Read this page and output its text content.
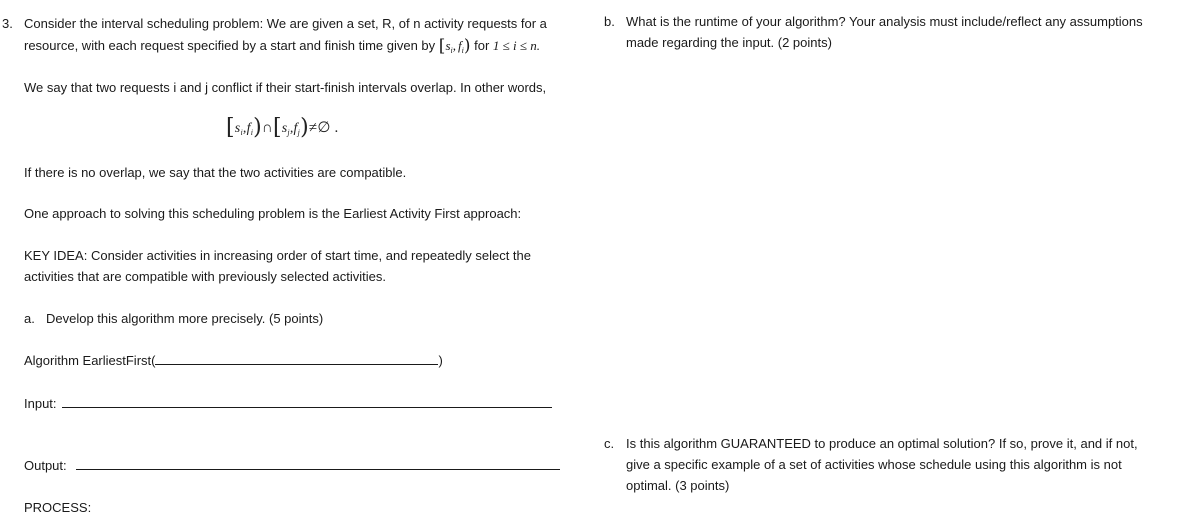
3. Consider the interval scheduling problem: We are given a set, R, of n activity requests for a
resource, with each request specified by a start and finish time given by [$s_i$, $f_i$) for 1 ≤ i ≤ n.
We say that two requests i and j conflict if their start-finish intervals overlap. In other words,
$[s_i,f_i)\cap[s_j,f_j)\ne\emptyset$ .
If there is no overlap, we say that the two activities are compatible.
One approach to solving this scheduling problem is the Earliest Activity First approach:
KEY IDEA: Consider activities in increasing order of start time, and repeatedly select the
activities that are compatible with previously selected activities.
a. Develop this algorithm more precisely. (5 points)
Algorithm EarliestFirst(	)
Input:
Output:
PROCESS:
b. What is the runtime of your algorithm? Your analysis must include/reflect any assumptions
made regarding the input. (2 points)
c. Is this algorithm GUARANTEED to produce an optimal solution? If so, prove it, and if not,
give a specific example of a set of activities whose schedule using this algorithm is not
optimal. (3 points)
